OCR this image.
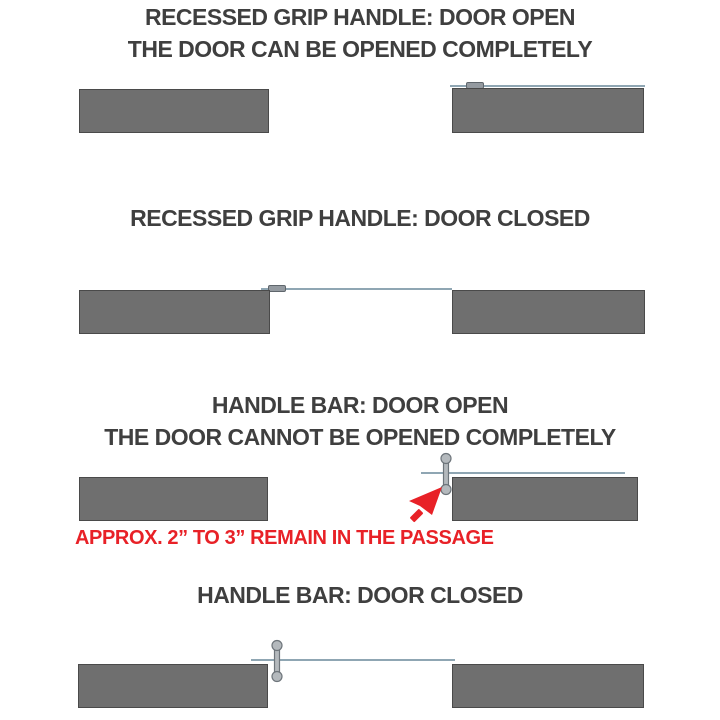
RECESSED GRIP HANDLE: DOOR OPEN
THE DOOR CAN BE OPENED COMPLETELY
RECESSED GRIP HANDLE: DOOR CLOSED
HANDLE BAR: DOOR OPEN
THE DOOR CANNOT BE OPENED COMPLETELY

APPROX. 2” TO 3” REMAIN IN THE PASSAGE

HANDLE BAR: DOOR CLOSED
